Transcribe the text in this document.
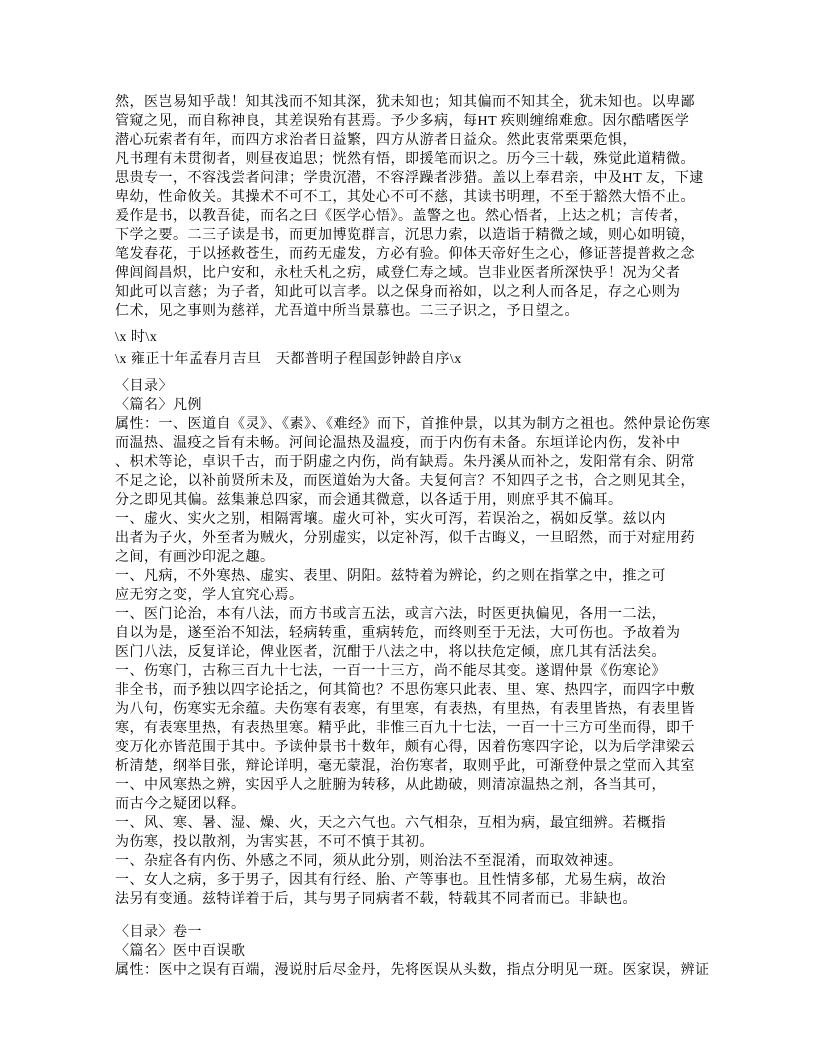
然，医岂易知乎哉！知其浅而不知其深，犹未知也；知其偏而不知其全，犹未知也。以卑鄙
管窥之见，而自称神良，其差误殆有甚焉。予少多病，每HT 疾则缠绵难愈。因尔酷嗜医学
潜心玩索者有年，而四方求治者日益繁，四方从游者日益众。然此衷常栗栗危惧，
凡书理有未贯彻者，则昼夜追思；恍然有悟，即援笔而识之。历今三十载，殊觉此道精微。
思贵专一，不容浅尝者问津；学贵沉潜，不容浮躁者涉猎。盖以上奉君亲，中及HT 友，下逮
卑幼，性命攸关。其操术不可不工，其处心不可不慈，其读书明理，不至于豁然大悟不止。
爰作是书，以教吾徒，而名之曰《医学心悟》。盖警之也。然心悟者，上达之机；言传者，
下学之要。二三子读是书，而更加博览群言，沉思力索，以造诣于精微之域，则心如明镜，
笔发春花，于以拯救苍生，而药无虚发，方必有验。仰体天帝好生之心，修证菩提普救之念
俾闾阎昌炽，比户安和，永杜夭札之疠，咸登仁寿之域。岂非业医者所深快乎！况为父者
知此可以言慈；为子者，知此可以言孝。以之保身而裕如，以之利人而各足，存之心则为
仁术，见之事则为慈祥，尤吾道中所当景慕也。二三子识之，予日望之。
\x 时\x
\x 雍正十年孟春月吉旦　天都普明子程国彭钟龄自序\x
〈目录〉
〈篇名〉凡例
属性：一、医道自《灵》、《素》、《难经》而下，首推仲景，以其为制方之祖也。然仲景论伤寒
而温热、温疫之旨有未畅。河间论温热及温疫，而于内伤有未备。东垣详论内伤，发补中
、枳术等论，卓识千古，而于阴虚之内伤，尚有缺焉。朱丹溪从而补之，发阳常有余、阴常
不足之论，以补前贤所未及，而医道始为大备。夫复何言？不知四子之书，合之则见其全，
分之即见其偏。兹集兼总四家，而会通其微意，以各适于用，则庶乎其不偏耳。
一、虚火、实火之别，相隔霄壤。虚火可补，实火可泻，若误治之，祸如反掌。兹以内
出者为子火，外至者为贼火，分别虚实，以定补泻，似千古晦义，一旦昭然，而于对症用药
之间，有画沙印泥之趣。
一、凡病，不外寒热、虚实、表里、阴阳。兹特着为辨论，约之则在指掌之中，推之可
应无穷之变，学人宜究心焉。
一、医门论治，本有八法，而方书或言五法，或言六法，时医更执偏见，各用一二法，
自以为是，遂至治不知法，轻病转重，重病转危，而终则至于无法，大可伤也。予故着为
医门八法，反复详论，俾业医者，沉酣于八法之中，将以扶危定倾，庶几其有活法矣。
一、伤寒门，古称三百九十七法，一百一十三方，尚不能尽其变。遂谓仲景《伤寒论》
非全书，而予独以四字论括之，何其简也？不思伤寒只此表、里、寒、热四字，而四字中敷
为八句，伤寒实无余蕴。夫伤寒有表寒，有里寒，有表热，有里热，有表里皆热，有表里皆
寒，有表寒里热，有表热里寒。精乎此，非惟三百九十七法，一百一十三方可坐而得，即千
变万化亦皆范围于其中。予读仲景书十数年，颇有心得，因着伤寒四字论，以为后学津梁云
析清楚，纲举目张，辩论详明，毫无蒙混，治伤寒者，取则乎此，可渐登仲景之堂而入其室
一、中风寒热之辨，实因乎人之脏腑为转移，从此勘破，则清凉温热之剂，各当其可，
而古今之疑团以释。
一、风、寒、暑、湿、燥、火，天之六气也。六气相杂，互相为病，最宜细辨。若概指
为伤寒，投以散剂，为害实甚，不可不慎于其初。
一、杂症各有内伤、外感之不同，须从此分别，则治法不至混淆，而取效神速。
一、女人之病，多于男子，因其有行经、胎、产等事也。且性情多郁，尤易生病，故治
法另有变通。兹特详着于后，其与男子同病者不载，特载其不同者而已。非缺也。
〈目录〉卷一
〈篇名〉医中百误歌
属性：医中之误有百端，漫说肘后尽金丹，先将医误从头数，指点分明见一斑。医家误，辨证
